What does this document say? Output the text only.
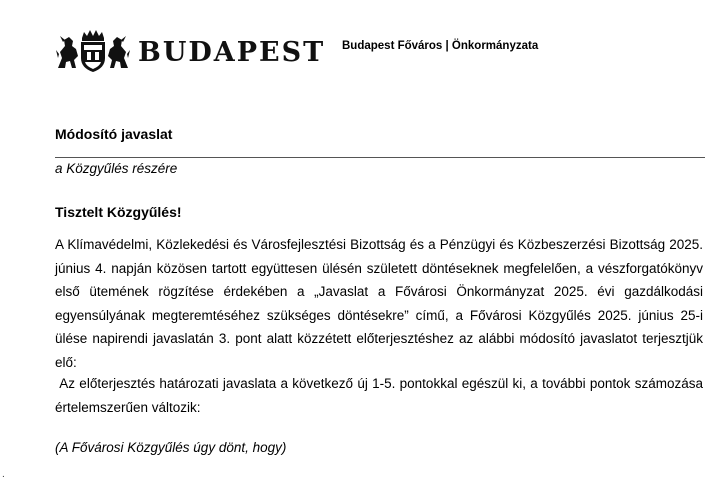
BUDAPEST Budapest Főváros | Önkormányzata
Módosító javaslat
a Közgyűlés részére
Tisztelt Közgyűlés!
A Klímavédelmi, Közlekedési és Városfejlesztési Bizottság és a Pénzügyi és Közbeszerzési Bizottság 2025. június 4. napján közösen tartott együttesen ülésén született döntéseknek megfelelően, a vészforgatókönyv első ütemének rögzítése érdekében a „Javaslat a Fővárosi Önkormányzat 2025. évi gazdálkodási egyensúlyának megteremtéséhez szükséges döntésekre” című, a Fővárosi Közgyűlés 2025. június 25-i ülése napirendi javaslatán 3. pont alatt közzétett előterjesztéshez az alábbi módosító javaslatot terjesztjük elő:
Az előterjesztés határozati javaslata a következő új 1-5. pontokkal egészül ki, a további pontok számozása értelemszerűen változik:
(A Fővárosi Közgyűlés úgy dönt, hogy)
.
